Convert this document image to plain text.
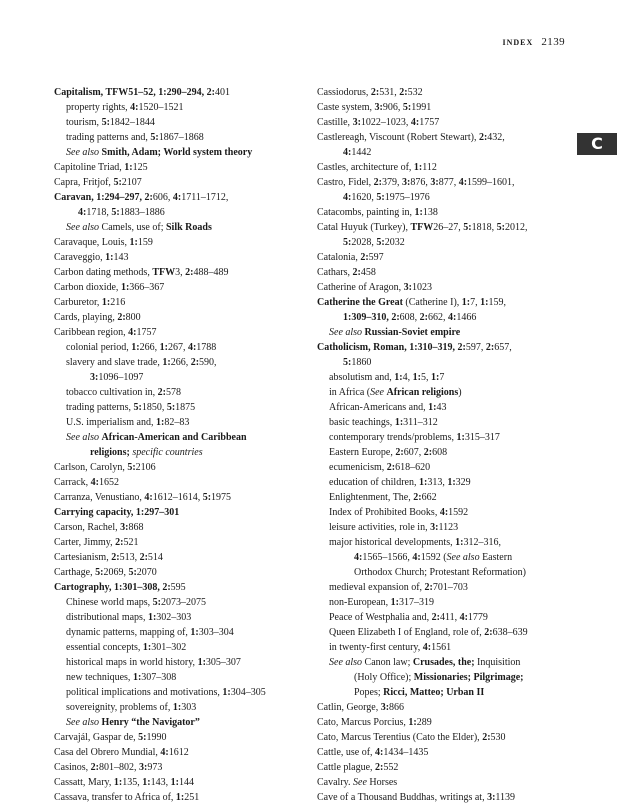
INDEX 2139
C
Capitalism, TFW51–52, 1:290–294, 2:401
property rights, 4:1520–1521
tourism, 5:1842–1844
trading patterns and, 5:1867–1868
See also Smith, Adam; World system theory
Capitoline Triad, 1:125
Capra, Fritjof, 5:2107
Caravan, 1:294–297, 2:606, 4:1711–1712,
4:1718, 5:1883–1886
See also Camels, use of; Silk Roads
Caravaque, Louis, 1:159
Caraveggio, 1:143
Carbon dating methods, TFW3, 2:488–489
Carbon dioxide, 1:366–367
Carburetor, 1:216
Cards, playing, 2:800
Caribbean region, 4:1757
colonial period, 1:266, 1:267, 4:1788
slavery and slave trade, 1:266, 2:590,
3:1096–1097
tobacco cultivation in, 2:578
trading patterns, 5:1850, 5:1875
U.S. imperialism and, 1:82–83
See also African-American and Caribbean
religions; specific countries
Carlson, Carolyn, 5:2106
Carrack, 4:1652
Carranza, Venustiano, 4:1612–1614, 5:1975
Carrying capacity, 1:297–301
Carson, Rachel, 3:868
Carter, Jimmy, 2:521
Cartesianism, 2:513, 2:514
Carthage, 5:2069, 5:2070
Cartography, 1:301–308, 2:595
Chinese world maps, 5:2073–2075
distributional maps, 1:302–303
dynamic patterns, mapping of, 1:303–304
essential concepts, 1:301–302
historical maps in world history, 1:305–307
new techniques, 1:307–308
political implications and motivations, 1:304–305
sovereignity, problems of, 1:303
See also Henry “the Navigator”
Carvajál, Gaspar de, 5:1990
Casa del Obrero Mundial, 4:1612
Casinos, 2:801–802, 3:973
Cassatt, Mary, 1:135, 1:143, 1:144
Cassava, transfer to Africa of, 1:251
Cassiodorus, 2:531, 2:532
Caste system, 3:906, 5:1991
Castille, 3:1022–1023, 4:1757
Castlereagh, Viscount (Robert Stewart), 2:432,
4:1442
Castles, architecture of, 1:112
Castro, Fidel, 2:379, 3:876, 3:877, 4:1599–1601,
4:1620, 5:1975–1976
Catacombs, painting in, 1:138
Catal Huyuk (Turkey), TFW26–27, 5:1818, 5:2012,
5:2028, 5:2032
Catalonia, 2:597
Cathars, 2:458
Catherine of Aragon, 3:1023
Catherine the Great (Catherine I), 1:7, 1:159,
1:309–310, 2:608, 2:662, 4:1466
See also Russian-Soviet empire
Catholicism, Roman, 1:310–319, 2:597, 2:657,
5:1860
absolutism and, 1:4, 1:5, 1:7
in Africa (See African religions)
African-Americans and, 1:43
basic teachings, 1:311–312
contemporary trends/problems, 1:315–317
Eastern Europe, 2:607, 2:608
ecumenicism, 2:618–620
education of children, 1:313, 1:329
Enlightenment, The, 2:662
Index of Prohibited Books, 4:1592
leisure activities, role in, 3:1123
major historical developments, 1:312–316,
4:1565–1566, 4:1592 (See also Eastern
Orthodox Church; Protestant Reformation)
medieval expansion of, 2:701–703
non-European, 1:317–319
Peace of Westphalia and, 2:411, 4:1779
Queen Elizabeth I of England, role of, 2:638–639
in twenty-first century, 4:1561
See also Canon law; Crusades, the; Inquisition
(Holy Office); Missionaries; Pilgrimage;
Popes; Ricci, Matteo; Urban II
Catlin, George, 3:866
Cato, Marcus Porcius, 1:289
Cato, Marcus Terentius (Cato the Elder), 2:530
Cattle, use of, 4:1434–1435
Cattle plague, 2:552
Cavalry. See Horses
Cave of a Thousand Buddhas, writings at, 3:1139
